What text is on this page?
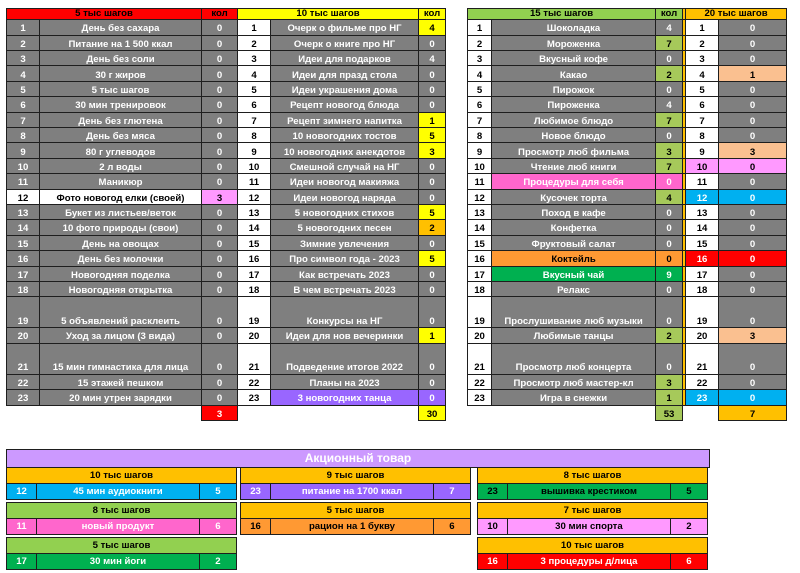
5 тыс шагов		кол	10 тыс шагов		кол		15 тыс шагов		кол		20 тыс шагов	
1	День без сахара	0	1	Очерк о фильме про НГ	4		1	Шоколадка	4		1	0
2	Питание на 1 500 ккал	0	2	Очерк о книге про НГ	0		2	Мороженка	7		2	0
3	День без соли	0	3	Идеи для подарков	4		3	Вкусный кофе	0		3	0
4	30 г жиров	0	4	Идеи для празд стола	0		4	Какао	2		4	1
5	5 тыс шагов	0	5	Идеи украшения дома	0		5	Пирожок	0		5	0
6	30 мин тренировок	0	6	Рецепт новогод блюда	0		6	Пироженка	4		6	0
7	День без глютена	0	7	Рецепт зимнего напитка	1		7	Любимое блюдо	7		7	0
8	День без мяса	0	8	10 новогодних тостов	5		8	Новое блюдо	0		8	0
9	80 г углеводов	0	9	10 новогодних анекдотов	3		9	Просмотр люб фильма	3		9	3
10	2 л воды	0	10	Смешной случай на НГ	0		10	Чтение люб книги	7		10	0
11	Маникюр	0	11	Идеи новогод макияжа	0		11	Процедуры для себя	0		11	0
12	Фото новогод елки (своей)	3	12	Идеи новогод наряда	0		12	Кусочек торта	4		12	0
13	Букет из листьев/веток	0	13	5 новогодних стихов	5		13	Поход в кафе	0		13	0
14	10 фото природы (свои)	0	14	5 новогодних песен	2		14	Конфетка	0		14	0
15	День на овощах	0	15	Зимние увлечения	0		15	Фруктовый салат	0		15	0
16	День без молочки	0	16	Про символ года - 2023	5		16	Коктейль	0		16	0
17	Новогодняя поделка	0	17	Как встречать 2023	0		17	Вкусный чай	9		17	0
18	Новогодняя открытка	0	18	В чем встречать 2023	0		18	Релакс	0		18	0
19	5 объявлений расклеить	0	19	Конкурсы на НГ	0		19	Прослушивание люб музыки	0		19	0
20	Уход за лицом (3 вида)	0	20	Идеи для нов вечеринки	1		20	Любимые танцы	2		20	3
21	15 мин гимнастика для лица	0	21	Подведение итогов 2022	0		21	Просмотр люб концерта	0		21	0
22	15 этажей пешком	0	22	Планы на 2023	0		22	Просмотр люб мастер-кл	3		22	0
23	20 мин утрен зарядки	0	23	3 новогодних танца	0		23	Игра в снежки	1		23	0
		3			30				53			7
Акционный товар
10 тыс шагов
12	45 мин аудиокниги	5
9 тыс шагов
23	питание на 1700 ккал	7
8 тыс шагов
23	вышивка крестиком	5
8 тыс шагов
11	новый продукт	6
5 тыс шагов
16	рацион на 1 букву	6
7 тыс шагов
10	30 мин спорта	2
5 тыс шагов
17	30 мин йоги	2
10 тыс шагов
16	3 процедуры д/лица	6
